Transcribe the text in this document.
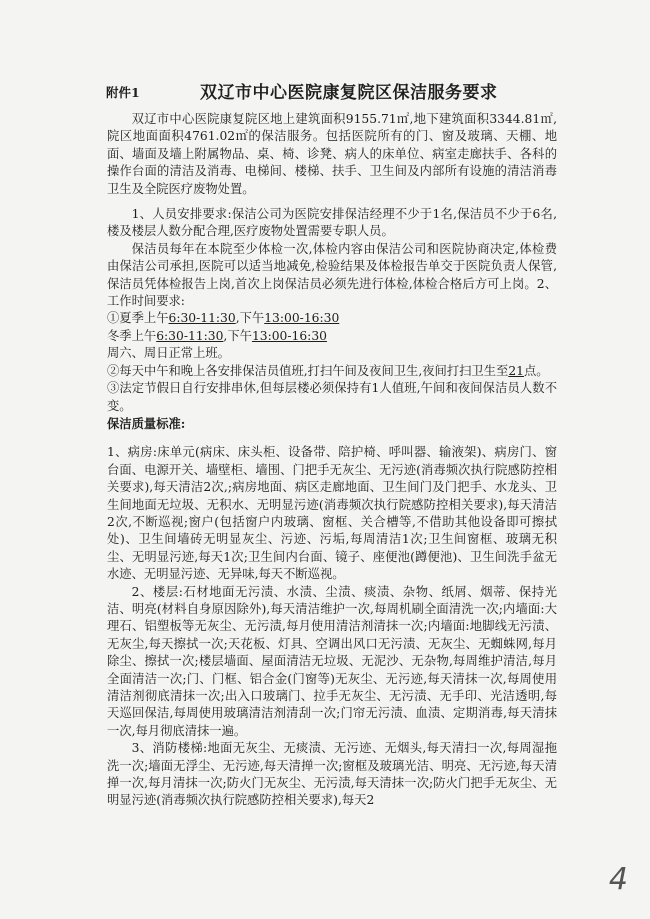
附件1	双辽市中心医院康复院区保洁服务要求

双辽市中心医院康复院区地上建筑面积9155.71㎡,地下建筑面积3344.81㎡,院区地面面积4761.02㎡的保洁服务。包括医院所有的门、窗及玻璃、天棚、地面、墙面及墙上附属物品、桌、椅、诊凳、病人的床单位、病室走廊扶手、各科的操作台面的清洁及消毒、电梯间、楼梯、扶手、卫生间及内部所有设施的清洁消毒卫生及全院医疗废物处置。

1、人员安排要求:保洁公司为医院安排保洁经理不少于1名,保洁员不少于6名,楼及楼层人数分配合理,医疗废物处置需要专职人员。

保洁员每年在本院至少体检一次,体检内容由保洁公司和医院协商决定,体检费由保洁公司承担,医院可以适当地减免,检验结果及体检报告单交于医院负责人保管,保洁员凭体检报告上岗,首次上岗保洁员必须先进行体检,体检合格后方可上岗。2、工作时间要求:

①夏季上午6:30-11:30,下午13:00-16:30

冬季上午6:30-11:30,下午13:00-16:30

周六、周日正常上班。

②每天中午和晚上各安排保洁员值班,打扫午间及夜间卫生,夜间打扫卫生至21点。

③法定节假日自行安排串休,但每层楼必须保持有1人值班,午间和夜间保洁员人数不变。

保洁质量标准:

1、病房:床单元(病床、床头柜、设备带、陪护椅、呼叫器、输液架)、病房门、窗台面、电源开关、墙壁柜、墙围、门把手无灰尘、无污迹(消毒频次执行院感防控相关要求),每天清洁2次,;病房地面、病区走廊地面、卫生间门及门把手、水龙头、卫生间地面无垃圾、无积水、无明显污迹(消毒频次执行院感防控相关要求),每天清洁2次,不断巡视;窗户(包括窗户内玻璃、窗框、关合槽等,不借助其他设备即可擦拭处)、卫生间墙砖无明显灰尘、污迹、污垢,每周清洁1次;卫生间窗框、玻璃无积尘、无明显污迹,每天1次;卫生间内台面、镜子、座便池(蹲便池)、卫生间洗手盆无水迹、无明显污迹、无异味,每天不断巡视。

2、楼层:石材地面无污渍、水渍、尘渍、痰渍、杂物、纸屑、烟蒂、保持光洁、明亮(材料自身原因除外),每天清洁维护一次,每周机刷全面清洗一次;内墙面:大理石、铝塑板等无灰尘、无污渍,每月使用清洁剂清抹一次;内墙面:地脚线无污渍、无灰尘,每天擦拭一次;天花板、灯具、空调出风口无污渍、无灰尘、无蜘蛛网,每月除尘、擦拭一次;楼层墙面、屋面清洁无垃圾、无泥沙、无杂物,每周维护清洁,每月全面清洁一次;门、门框、铝合金(门窗等)无灰尘、无污迹,每天清抹一次,每周使用清洁剂彻底清抹一次;出入口玻璃门、拉手无灰尘、无污渍、无手印、光洁透明,每天巡回保洁,每周使用玻璃清洁剂清刮一次;门帘无污渍、血渍、定期消毒,每天清抹一次,每月彻底清抹一遍。

3、消防楼梯:地面无灰尘、无痰渍、无污迹、无烟头,每天清扫一次,每周湿拖洗一次;墙面无浮尘、无污迹,每天清掸一次;窗框及玻璃光洁、明亮、无污迹,每天清掸一次,每月清抹一次;防火门无灰尘、无污渍,每天清抹一次;防火门把手无灰尘、无明显污迹(消毒频次执行院感防控相关要求),每天2

4
